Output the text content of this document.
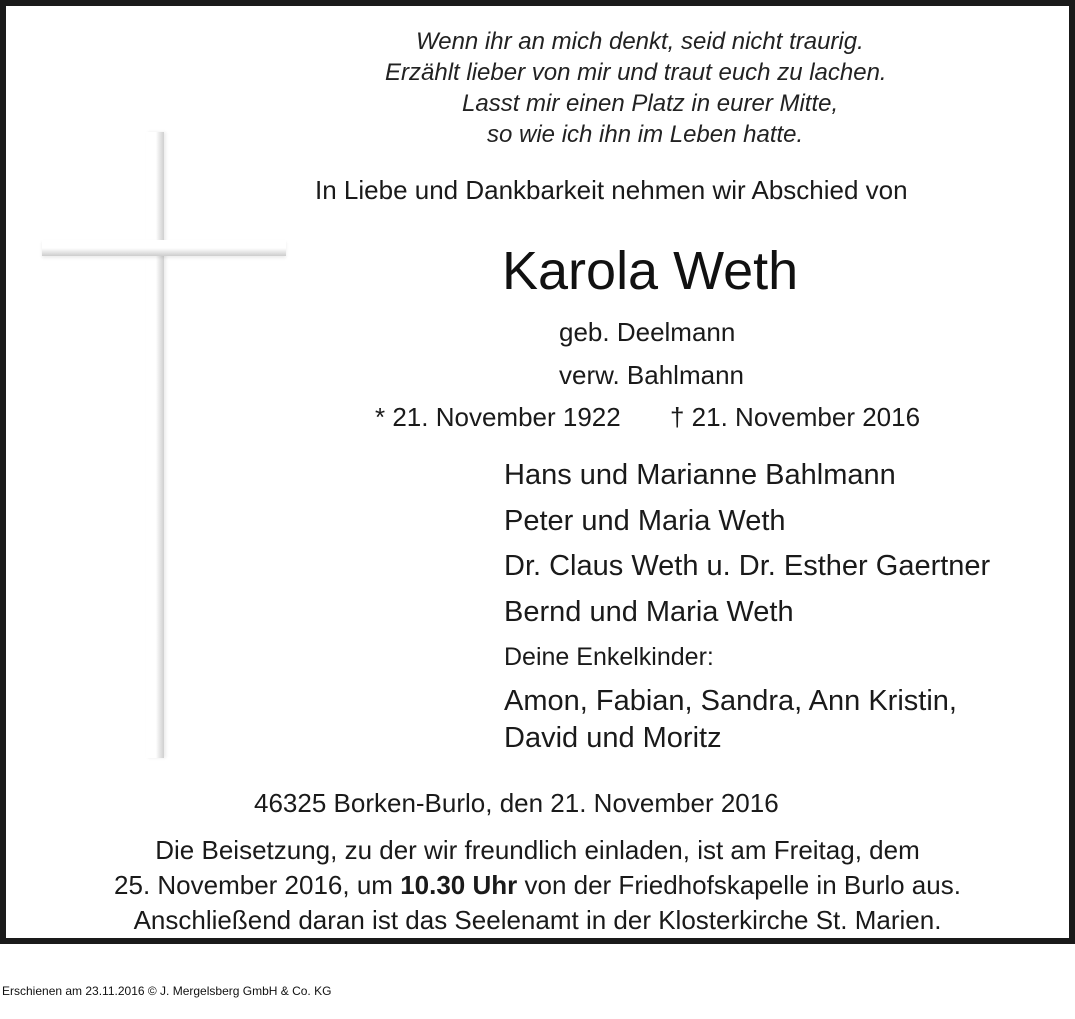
Wenn ihr an mich denkt, seid nicht traurig.
Erzählt lieber von mir und traut euch zu lachen.
Lasst mir einen Platz in eurer Mitte,
so wie ich ihn im Leben hatte.
In Liebe und Dankbarkeit nehmen wir Abschied von
Karola Weth
geb. Deelmann
verw. Bahlmann
* 21. November 1922 † 21. November 2016
Hans und Marianne Bahlmann
Peter und Maria Weth
Dr. Claus Weth u. Dr. Esther Gaertner
Bernd und Maria Weth
Deine Enkelkinder:
Amon, Fabian, Sandra, Ann Kristin,
David und Moritz
46325 Borken-Burlo, den 21. November 2016
Die Beisetzung, zu der wir freundlich einladen, ist am Freitag, dem
25. November 2016, um 10.30 Uhr von der Friedhofskapelle in Burlo aus.
Anschließend daran ist das Seelenamt in der Klosterkirche St. Marien.
Erschienen am 23.11.2016 © J. Mergelsberg GmbH & Co. KG
